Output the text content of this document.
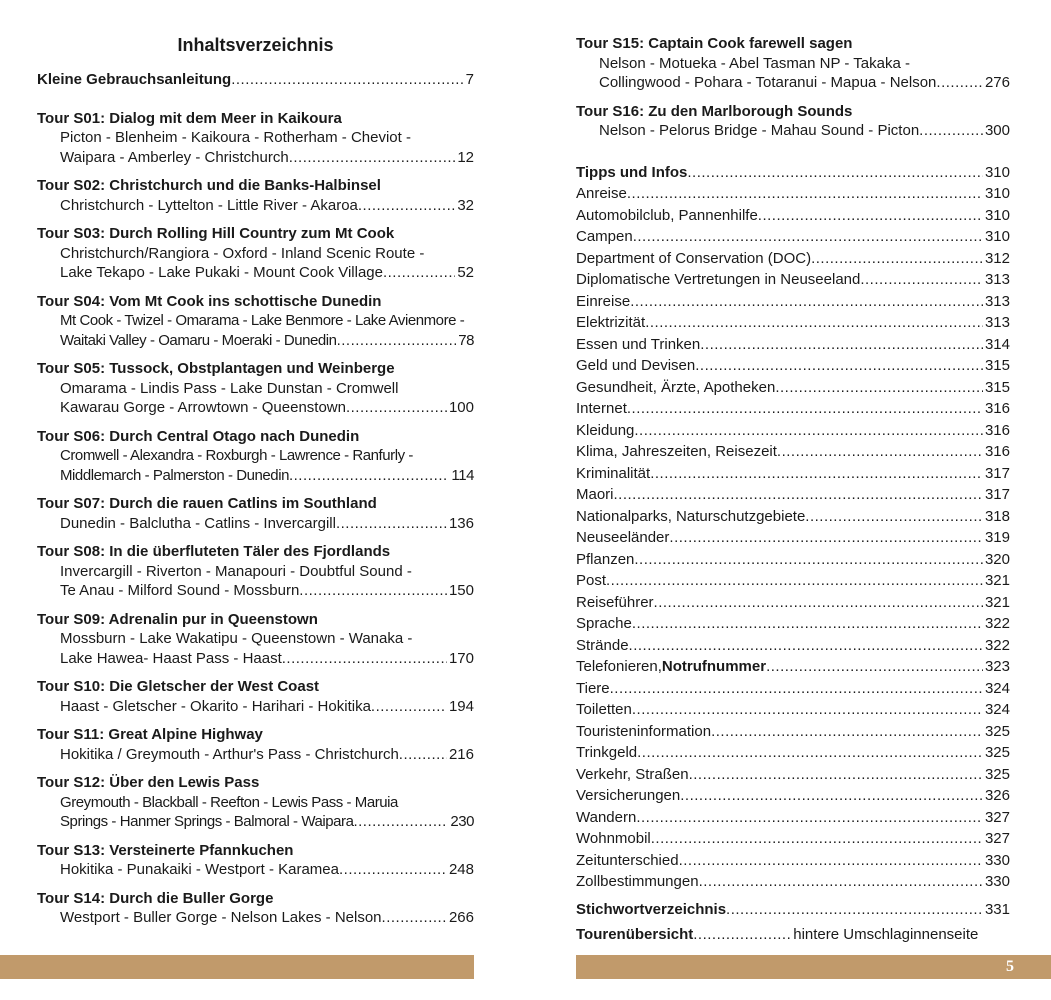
Inhaltsverzeichnis
Kleine Gebrauchsanleitung .....	7
Tour S01: Dialog mit dem Meer in Kaikoura
Picton - Blenheim - Kaikoura - Rotherham - Cheviot -
Waipara - Amberley - Christchurch .....	12
Tour S02: Christchurch und die Banks-Halbinsel
Christchurch - Lyttelton - Little River - Akaroa .....	32
Tour S03: Durch Rolling Hill Country zum Mt Cook
Christchurch/Rangiora - Oxford - Inland Scenic Route -
Lake Tekapo - Lake Pukaki - Mount Cook Village .....	52
Tour S04: Vom Mt Cook ins schottische Dunedin
Mt Cook - Twizel - Omarama - Lake Benmore - Lake Avienmore -
Waitaki Valley - Oamaru - Moeraki - Dunedin .....	78
Tour S05: Tussock, Obstplantagen und Weinberge
Omarama - Lindis Pass - Lake Dunstan - Cromwell
Kawarau Gorge - Arrowtown - Queenstown .....	100
Tour S06: Durch Central Otago nach Dunedin
Cromwell - Alexandra - Roxburgh - Lawrence - Ranfurly -
Middlemarch - Palmerston - Dunedin .....	114
Tour S07: Durch die rauen Catlins im Southland
Dunedin - Balclutha - Catlins - Invercargill .....	136
Tour S08: In die überfluteten Täler des Fjordlands
Invercargill - Riverton - Manapouri - Doubtful Sound -
Te Anau - Milford Sound - Mossburn .....	150
Tour S09: Adrenalin pur in Queenstown
Mossburn - Lake Wakatipu - Queenstown - Wanaka -
Lake Hawea- Haast Pass - Haast .....	170
Tour S10: Die Gletscher der West Coast
Haast - Gletscher - Okarito - Harihari - Hokitika .....	194
Tour S11: Great Alpine Highway
Hokitika / Greymouth - Arthur's Pass - Christchurch .....	216
Tour S12: Über den Lewis Pass
Greymouth - Blackball - Reefton - Lewis Pass - Maruia
Springs - Hanmer Springs - Balmoral - Waipara .....	230
Tour S13: Versteinerte Pfannkuchen
Hokitika - Punakaiki - Westport - Karamea .....	248
Tour S14: Durch die Buller Gorge
Westport - Buller Gorge - Nelson Lakes - Nelson .....	266
Tour S15: Captain Cook farewell sagen
Nelson - Motueka - Abel Tasman NP - Takaka -
Collingwood - Pohara - Totaranui - Mapua - Nelson .....	276
Tour S16: Zu den Marlborough Sounds
Nelson - Pelorus Bridge - Mahau Sound - Picton .....	300
Tipps und Infos .....	310
Anreise .....	310
Automobilclub, Pannenhilfe .....	310
Campen .....	310
Department of Conservation (DOC) .....	312
Diplomatische Vertretungen in Neuseeland .....	313
Einreise .....	313
Elektrizität .....	313
Essen und Trinken .....	314
Geld und Devisen .....	315
Gesundheit, Ärzte, Apotheken .....	315
Internet .....	316
Kleidung .....	316
Klima, Jahreszeiten, Reisezeit .....	316
Kriminalität .....	317
Maori .....	317
Nationalparks, Naturschutzgebiete .....	318
Neuseeländer .....	319
Pflanzen .....	320
Post .....	321
Reiseführer .....	321
Sprache .....	322
Strände .....	322
Telefonieren, Notrufnummer .....	323
Tiere .....	324
Toiletten .....	324
Touristeninformation .....	325
Trinkgeld .....	325
Verkehr, Straßen .....	325
Versicherungen .....	326
Wandern .....	327
Wohnmobil .....	327
Zeitunterschied .....	330
Zollbestimmungen .....	330
Stichwortverzeichnis .....	331
Tourenübersicht .....	hintere Umschlaginnenseite
5
